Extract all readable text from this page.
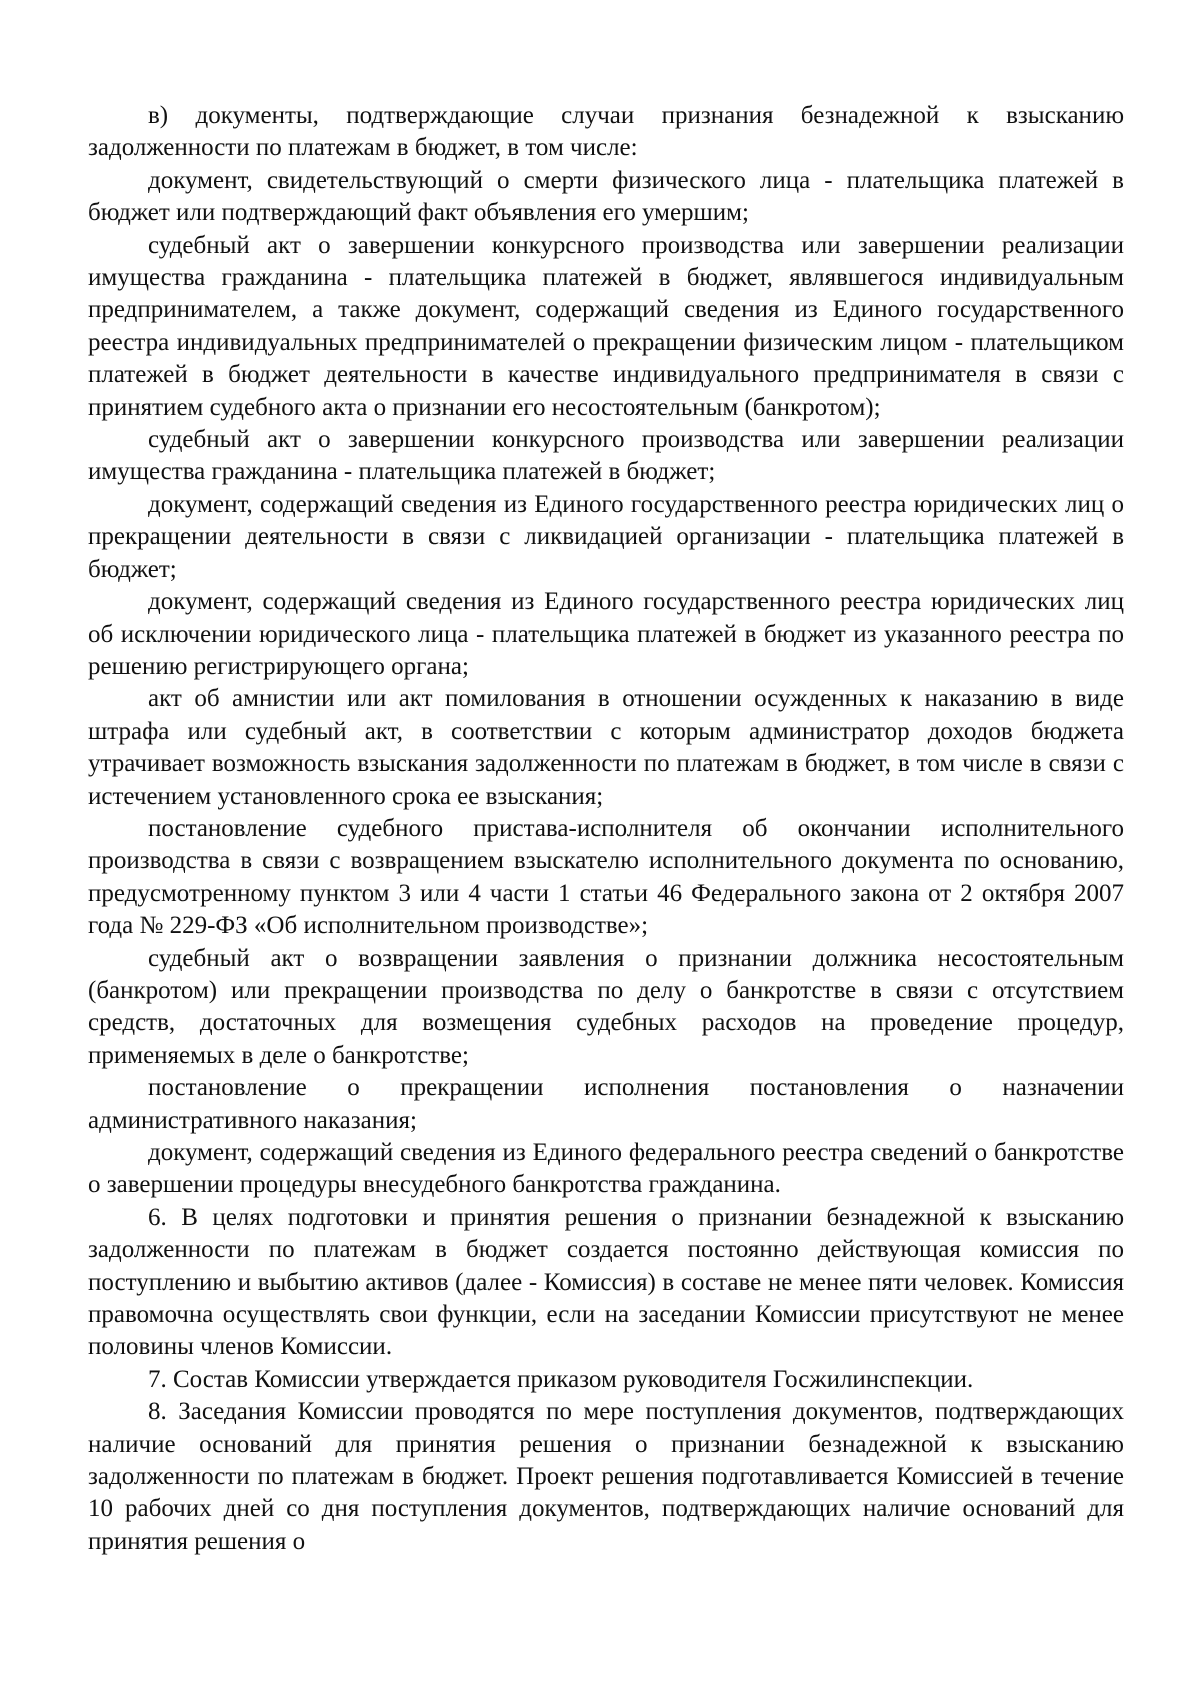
в) документы, подтверждающие случаи признания безнадежной к взысканию задолженности по платежам в бюджет, в том числе:

документ, свидетельствующий о смерти физического лица - плательщика платежей в бюджет или подтверждающий факт объявления его умершим;

судебный акт о завершении конкурсного производства или завершении реализации имущества гражданина - плательщика платежей в бюджет, являвшегося индивидуальным предпринимателем, а также документ, содержащий сведения из Единого государственного реестра индивидуальных предпринимателей о прекращении физическим лицом - плательщиком платежей в бюджет деятельности в качестве индивидуального предпринимателя в связи с принятием судебного акта о признании его несостоятельным (банкротом);

судебный акт о завершении конкурсного производства или завершении реализации имущества гражданина - плательщика платежей в бюджет;

документ, содержащий сведения из Единого государственного реестра юридических лиц о прекращении деятельности в связи с ликвидацией организации - плательщика платежей в бюджет;

документ, содержащий сведения из Единого государственного реестра юридических лиц об исключении юридического лица - плательщика платежей в бюджет из указанного реестра по решению регистрирующего органа;

акт об амнистии или акт помилования в отношении осужденных к наказанию в виде штрафа или судебный акт, в соответствии с которым администратор доходов бюджета утрачивает возможность взыскания задолженности по платежам в бюджет, в том числе в связи с истечением установленного срока ее взыскания;

постановление судебного пристава-исполнителя об окончании исполнительного производства в связи с возвращением взыскателю исполнительного документа по основанию, предусмотренному пунктом 3 или 4 части 1 статьи 46 Федерального закона от 2 октября 2007 года № 229-ФЗ «Об исполнительном производстве»;

судебный акт о возвращении заявления о признании должника несостоятельным (банкротом) или прекращении производства по делу о банкротстве в связи с отсутствием средств, достаточных для возмещения судебных расходов на проведение процедур, применяемых в деле о банкротстве;

постановление о прекращении исполнения постановления о назначении административного наказания;

документ, содержащий сведения из Единого федерального реестра сведений о банкротстве о завершении процедуры внесудебного банкротства гражданина.

6. В целях подготовки и принятия решения о признании безнадежной к взысканию задолженности по платежам в бюджет создается постоянно действующая комиссия по поступлению и выбытию активов (далее - Комиссия) в составе не менее пяти человек. Комиссия правомочна осуществлять свои функции, если на заседании Комиссии присутствуют не менее половины членов Комиссии.

7. Состав Комиссии утверждается приказом руководителя Госжилинспекции.

8. Заседания Комиссии проводятся по мере поступления документов, подтверждающих наличие оснований для принятия решения о признании безнадежной к взысканию задолженности по платежам в бюджет. Проект решения подготавливается Комиссией в течение 10 рабочих дней со дня поступления документов, подтверждающих наличие оснований для принятия решения о
